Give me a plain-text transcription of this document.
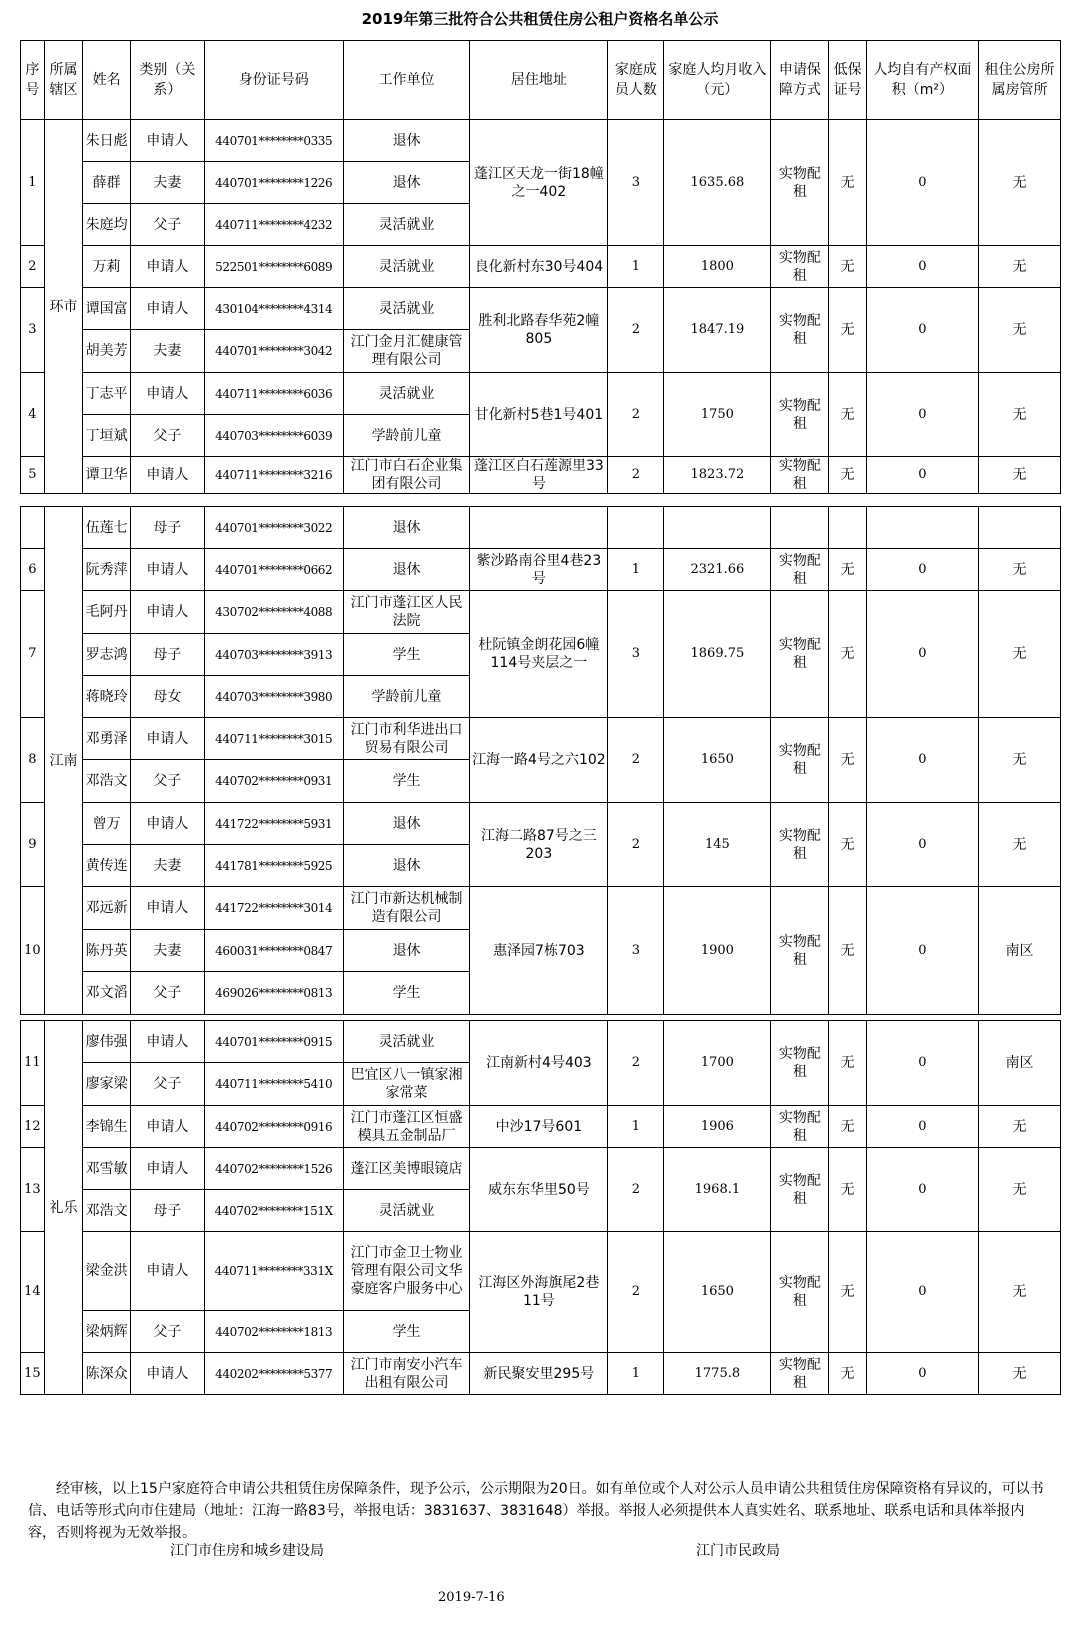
2019年第三批符合公共租赁住房公租户资格名单公示
序号	所属辖区	姓名	类别（关系）	身份证号码	工作单位	居住地址	家庭成员人数	家庭人均月收入（元）	申请保障方式	低保证号	人均自有产权面积（m²）	租住公房所属房管所
1	环市	朱日彪	申请人	440701********0335	退休	蓬江区天龙一街18幢之一402	3	1635.68	实物配租	无	0	无
		薛群	夫妻	440701********1226	退休							
		朱庭均	父子	440711********4232	灵活就业							
2		万莉	申请人	522501********6089	灵活就业	良化新村东30号404	1	1800	实物配租	无	0	无
3		谭国富	申请人	430104********4314	灵活就业	胜利北路春华苑2幢805	2	1847.19	实物配租	无	0	无
		胡美芳	夫妻	440701********3042	江门金月汇健康管理有限公司							
4		丁志平	申请人	440711********6036	灵活就业	甘化新村5巷1号401	2	1750	实物配租	无	0	无
		丁垣斌	父子	440703********6039	学龄前儿童							
5		谭卫华	申请人	440711********3216	江门市白石企业集团有限公司	蓬江区白石莲源里33号	2	1823.72	实物配租	无	0	无
	江南	伍莲七	母子	440701********3022	退休							
6		阮秀萍	申请人	440701********0662	退休	紫沙路南谷里4巷23号	1	2321.66	实物配租	无	0	无
7		毛阿丹	申请人	430702********4088	江门市蓬江区人民法院	杜阮镇金朗花园6幢114号夹层之一	3	1869.75	实物配租	无	0	无
		罗志鸿	母子	440703********3913	学生							
		蒋晓玲	母女	440703********3980	学龄前儿童							
8		邓勇泽	申请人	440711********3015	江门市利华进出口贸易有限公司	江海一路4号之六102	2	1650	实物配租	无	0	无
		邓浩文	父子	440702********0931	学生							
9		曾万	申请人	441722********5931	退休	江海二路87号之三203	2	145	实物配租	无	0	无
		黄传连	夫妻	441781********5925	退休							
10		邓远新	申请人	441722********3014	江门市新达机械制造有限公司	惠泽园7栋703	3	1900	实物配租	无	0	南区
		陈丹英	夫妻	460031********0847	退休							
		邓文滔	父子	469026********0813	学生							
11	礼乐	廖伟强	申请人	440701********0915	灵活就业	江南新村4号403	2	1700	实物配租	无	0	南区
		廖家梁	父子	440711********5410	巴宜区八一镇家湘家常菜							
12		李锦生	申请人	440702********0916	江门市蓬江区恒盛模具五金制品厂	中沙17号601	1	1906	实物配租	无	0	无
13		邓雪敏	申请人	440702********1526	蓬江区美博眼镜店	威东东华里50号	2	1968.1	实物配租	无	0	无
		邓浩文	母子	440702********151X	灵活就业							
14		梁金洪	申请人	440711********331X	江门市金卫士物业管理有限公司文华豪庭客户服务中心	江海区外海旗尾2巷11号	2	1650	实物配租	无	0	无
		梁炳辉	父子	440702********1813	学生							
15		陈深众	申请人	440202********5377	江门市南安小汽车出租有限公司	新民聚安里295号	1	1775.8	实物配租	无	0	无

经审核，以上15户家庭符合申请公共租赁住房保障条件，现予公示，公示期限为20日。如有单位或个人对公示人员申请公共租赁住房保障资格有异议的，可以书信、电话等形式向市住建局（地址：江海一路83号，举报电话：3831637、3831648）举报。举报人必须提供本人真实姓名、联系地址、联系电话和具体举报内容，否则将视为无效举报。

江门市住房和城乡建设局	江门市民政局
2019-7-16
